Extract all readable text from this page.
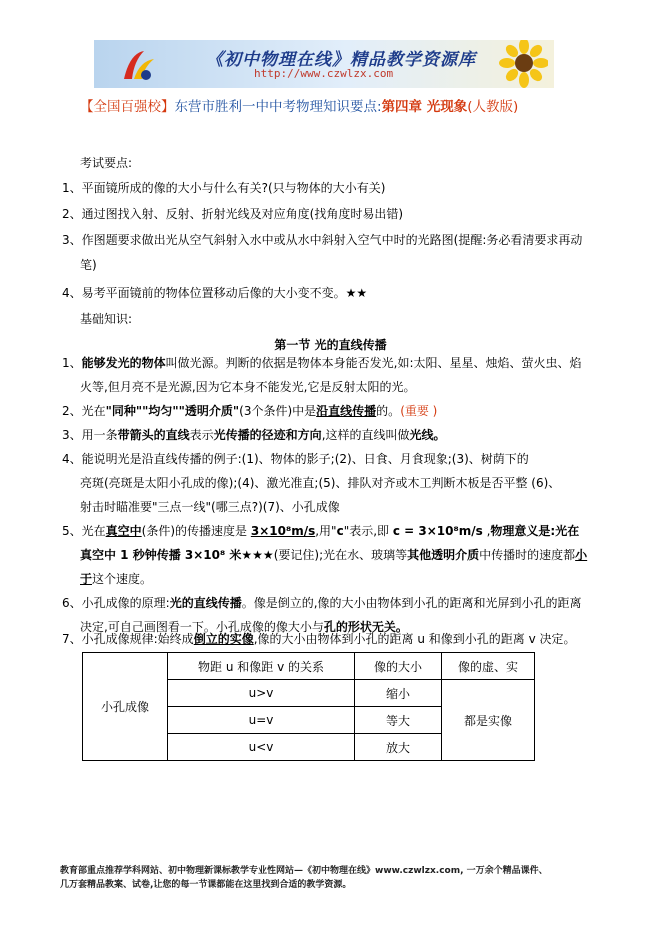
《初中物理在线》精品教学资源库
http://www.czwlzx.com
【全国百强校】东营市胜利一中中考物理知识要点:第四章 光现象(人教版)
考试要点:
1、平面镜所成的像的大小与什么有关?(只与物体的大小有关)
2、通过图找入射、反射、折射光线及对应角度(找角度时易出错)
3、作图题要求做出光从空气斜射入水中或从水中斜射入空气中时的光路图(提醒:务必看清要求再动
笔)
4、易考平面镜前的物体位置移动后像的大小变不变。★★
基础知识:
第一节 光的直线传播
1、能够发光的物体叫做光源。判断的依据是物体本身能否发光,如:太阳、星星、烛焰、萤火虫、焰
火等,但月亮不是光源,因为它本身不能发光,它是反射太阳的光。
2、光在"同种""均匀""透明介质"(3个条件)中是沿直线传播的。(重要 )
3、用一条带箭头的直线表示光传播的径迹和方向,这样的直线叫做光线。
4、能说明光是沿直线传播的例子:(1)、物体的影子;(2)、日食、月食现象;(3)、树荫下的
亮斑(亮斑是太阳小孔成的像);(4)、激光准直;(5)、排队对齐或木工判断木板是否平整 (6)、
射击时瞄准要"三点一线"(哪三点?)(7)、小孔成像
5、光在真空中(条件)的传播速度是 3×10⁸m/s,用"c"表示,即 c = 3×10⁸m/s ,物理意义是:光在
真空中 1 秒钟传播 3×10⁸ 米★★★(要记住);光在水、玻璃等其他透明介质中传播时的速度都小
于这个速度。
6、小孔成像的原理:光的直线传播。像是倒立的,像的大小由物体到小孔的距离和光屏到小孔的距离
决定,可自己画图看一下。小孔成像的像大小与孔的形状无关。
7、小孔成像规律:始终成倒立的实像,像的大小由物体到小孔的距离 u 和像到小孔的距离 v 决定。
小孔成像	物距 u 和像距 v 的关系	像的大小	像的虚、实
	u>v	缩小	都是实像
	u=v	等大	
	u<v	放大	
教育部重点推荐学科网站、初中物理新课标教学专业性网站—《初中物理在线》www.czwlzx.com, 一万余个精品课件、
几万套精品教案、试卷,让您的每一节课都能在这里找到合适的教学资源。
